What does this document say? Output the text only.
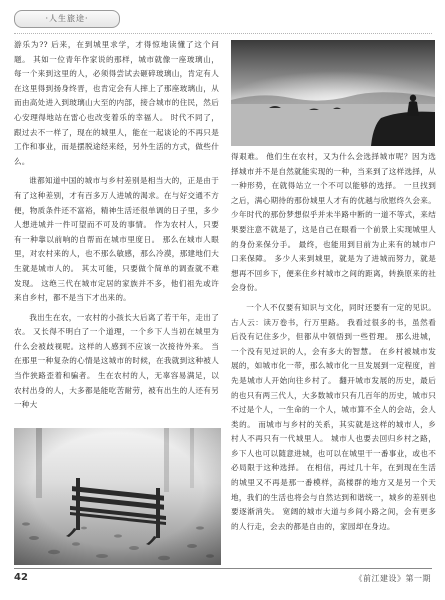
·人生旅途·

游乐为?? 后来，在到城里求学，才得惊地读懂了这个问题。 其如一位青年作家说的那样，城市就像一座玻璃山，每一个来到这里的人，必须得尝试去砸碎玻璃山，肯定有人在这里得到扬身终晋，也肯定会有人摔上了那座玻璃山，从而由高处进入到玻璃山大至的内部，接合城市的住民，然后心安理得地站在雷心也改变着乐的幸福人。 时代不同了，跟过去不一样了，现在的城里人，能在一起谈论的不再只是工作和事业，而是摆脱途经来经，另外生活的方式，做些什么。

谁都知道中国的城市与乡村差别是相当大的，正是由于有了这种差别，才有百多万人进城的渴求。在与好交通不方便，物质条件还不富裕，精神生活还很单调的日子里，多少人想进城并一件可望而不可及的事情。 作为农村人，只要有一种靠以前响的自帮而在城市里度日。 那么在城市人眼里，对农村来的人，也不那么敏感，那么冷漠，那建地们大生就是城市人的。 其太可能，只要做个简单的调查就不难发现。 这绝三代在城市定居的家族并不多，他们祖先或许来自乡村，都不是当下才出来的。

我出生在农，一农村的小孩长大后离了若干年，走出了农。 又长得不明白了一个道理，一个乡下人当初在城里为什么会被歧视呢。这样的人感到不应该一次接待外来。 当在那里一种复杂的心情是这城市的时候，在我就到这种被人当作狭路歪着和骗者。 生在农村的人，无辜容易满足，以农村出身的人，大多都是能吃苦耐劳，被有出生的人还有另一种大

得艰难。 他们生在农村，又为什么会选择城市呢？因为选择城市并不是自然就能实现的一种，当来到了这样选择，从一种形势，在就得站立一个不可以能够的选择。 一旦找到之后，满心期待的那份城里人才有的优越与欣慰终久会来。 少年时代的那份梦想似乎并未半路中断的一道不等式，来结果要注意不就是了，这是自己在眼看一个前景上实现城里人的身份来保分手。 最终，也能用到目前为止来有的城市户口来保障。 多少人来到城里，就是为了进城而努力，就是想再不回乡下，便来住乡村城市之间的距离，转换原来的社会身份。

一个人不仅要有知识与文化，同时还要有一定的见识。 古人云：读万卷书，行万里路。 我看过很多的书，虽然看后没有记住多少，但都从中领悟到一些哲理。 那么进城，一个没有见过识的人，会有多大的智慧。 在乡村被城市发展的，如城市化一带，那么城市化一旦发展到一定程度，首先是城市人开始向往乡村了。 翻开城市发展的历史，最后的也只有两三代人，大多数城市只有几百年的历史，城市只不过是个人，一生命的一个人，城市算不全人的会站，会人类的。 而城市与乡村的关系，其实就是这样的城市人，乡村人不再只有一代城里人。 城市人也要去回归乡村之路，乡下人也可以随意进城，也可以在城里干一番事业，或也不必局限于这种选择。 在相信，再过几十年，在到现在生活的城里又不再是那一番模样，高楼群的地方又是另一个天地，我们的生活也将会与自然达到和谐统一，城乡的差别也要逐渐消失。 宽阔的城市大道与乡间小路之间，会有更多的人行走，会去的都是自由的，家园却在身边。

42	《前江建设》第一期
